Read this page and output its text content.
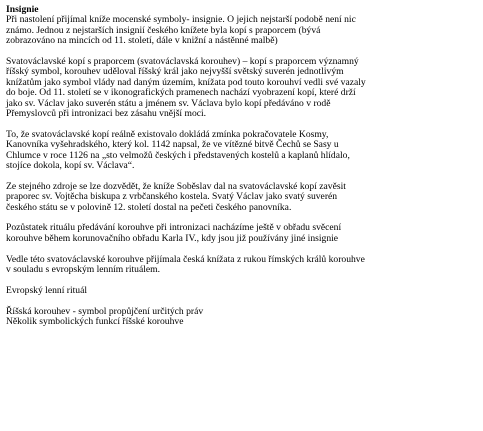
Insignie

Při nastolení přijímal kníže mocenské symboly- insignie. O jejich nejstarší podobě není nic
známo. Jednou z nejstarších insignií českého knížete byla kopí s praporcem (bývá
zobrazováno na mincích od 11. století, dále v knižní a nástěnné malbě)

Svatováclavské kopí s praporcem (svatováclavská korouhev) – kopí s praporcem významný
říšský symbol, korouhev uděloval říšský král jako nejvyšší světský suverén jednotlivým
knížatům jako symbol vlády nad daným územím, knížata pod touto korouhví vedli své vazaly
do boje. Od 11. století se v ikonografických pramenech nachází vyobrazení kopí, které drží
jako sv. Václav jako suverén státu a jménem sv. Václava bylo kopí předáváno v rodě
Přemyslovců při intronizaci bez zásahu vnější moci.

To, že svatováclavské kopí reálně existovalo dokládá zmínka pokračovatele Kosmy,
Kanovníka vyšehradského, který kol. 1142 napsal, že ve vítězné bitvě Čechů se Sasy u
Chlumce v roce 1126 na „sto velmožů českých i představených kostelů a kaplanů hlídalo,
stojíce dokola, kopí sv. Václava“.

Ze stejného zdroje se lze dozvědět, že kníže Soběslav dal na svatováclavské kopí zavěsit
praporec sv. Vojtěcha biskupa z vrbčanského kostela. Svatý Václav jako svatý suverén
českého státu se v polovině 12. století dostal na pečeti českého panovníka.

Pozůstatek rituálu předávání korouhve při intronizaci nacházíme ještě v obřadu svěcení
korouhve během korunovačního obřadu Karla IV., kdy jsou již používány jiné insignie

Vedle této svatováclavské korouhve přijímala česká knížata z rukou římských králů korouhve
v souladu s evropským lenním rituálem.

Evropský lenní rituál

Říšská korouhev - symbol propůjčení určitých práv
Několik symbolických funkcí říšské korouhve
